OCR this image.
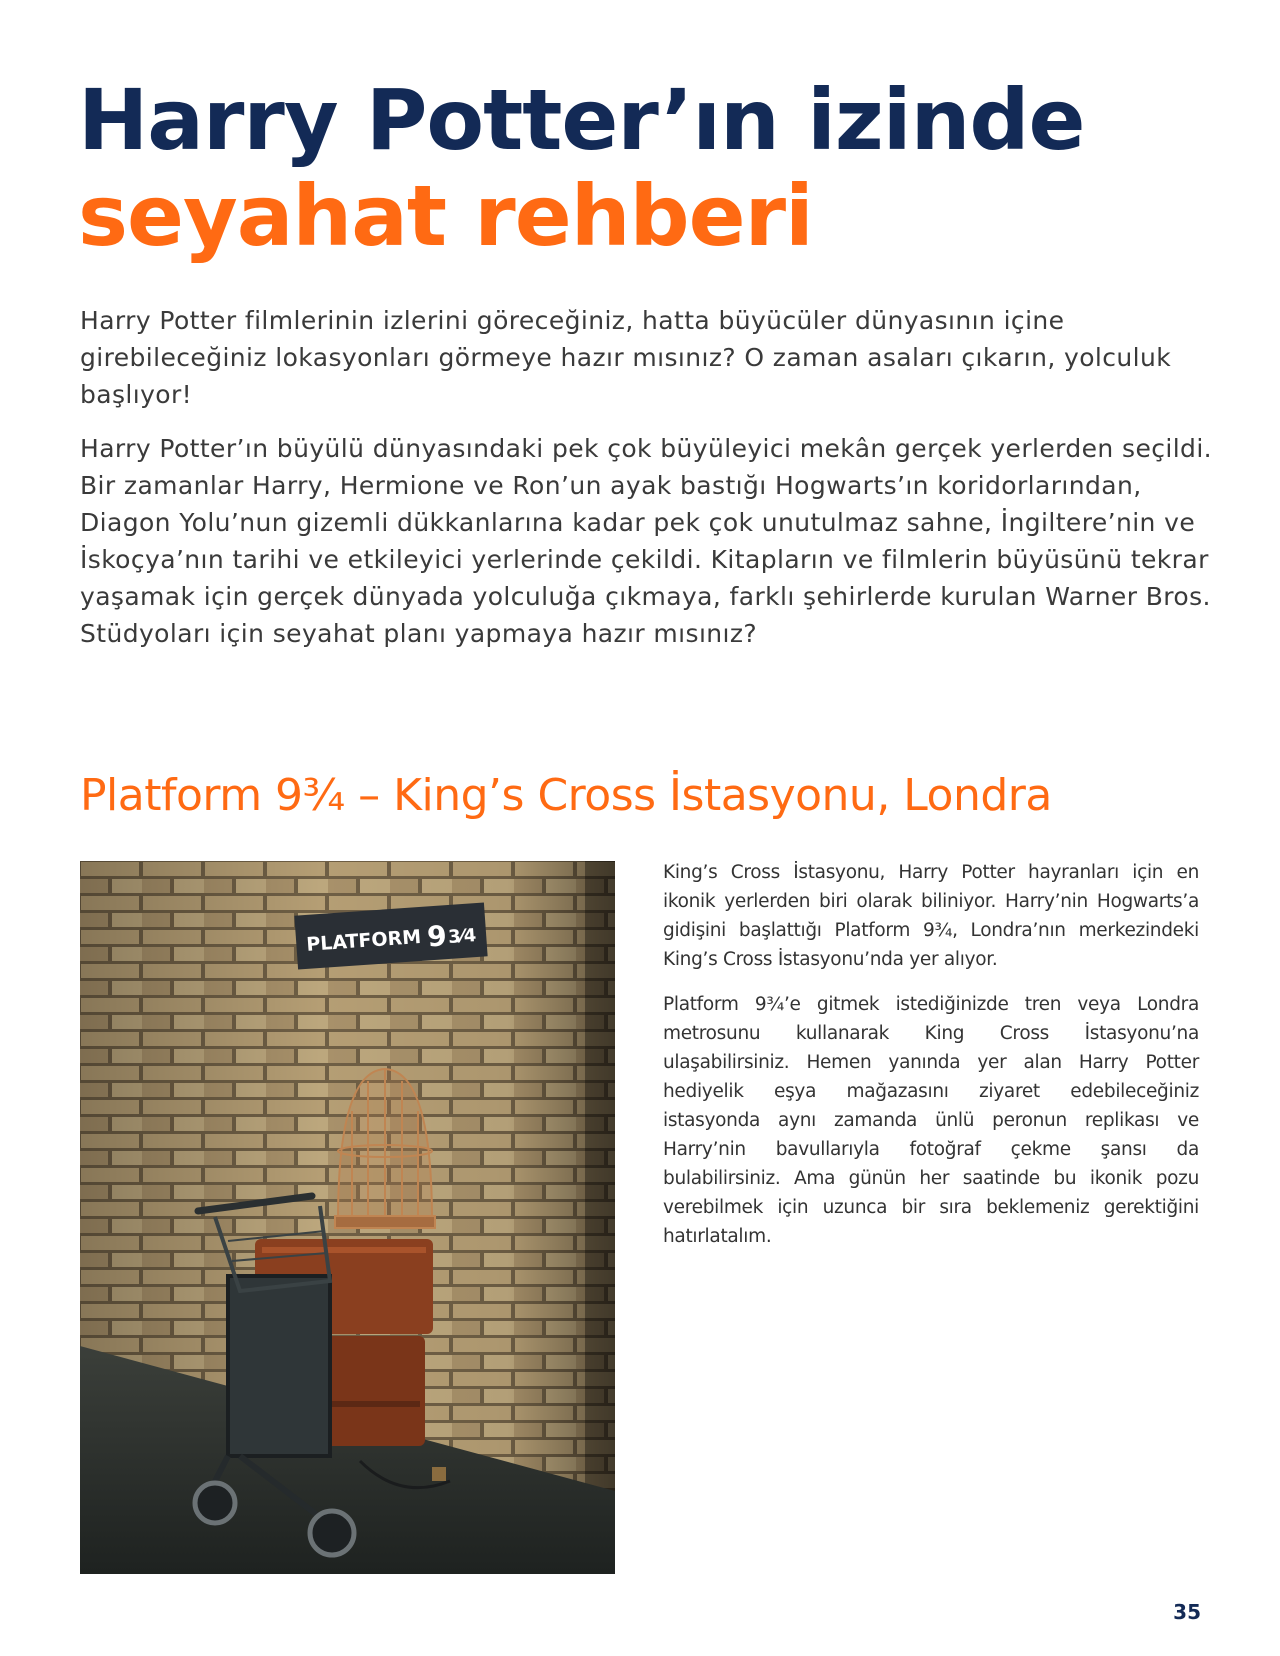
Harry Potter’ın izinde
seyahat rehberi

Harry Potter filmlerinin izlerini göreceğiniz, hatta büyücüler dünyasının içine girebileceğiniz lokasyonları görmeye hazır mısınız? O zaman asaları çıkarın, yolculuk başlıyor!

Harry Potter’ın büyülü dünyasındaki pek çok büyüleyici mekân gerçek yerlerden seçildi. Bir zamanlar Harry, Hermione ve Ron’un ayak bastığı Hogwarts’ın koridorlarından, Diagon Yolu’nun gizemli dükkanlarına kadar pek çok unutulmaz sahne, İngiltere’nin ve İskoçya’nın tarihi ve etkileyici yerlerinde çekildi. Kitapların ve filmlerin büyüsünü tekrar yaşamak için gerçek dünyada yolculuğa çıkmaya, farklı şehirlerde kurulan Warner Bros. Stüdyoları için seyahat planı yapmaya hazır mısınız?

Platform 9¾ – King’s Cross İstasyonu, Londra
PLATFORM 9 3⁄4

King’s Cross İstasyonu, Harry Potter hayranları için en ikonik yerlerden biri olarak biliniyor. Harry’nin Hogwarts’a gidişini başlattığı Platform 9¾, Londra’nın merkezindeki King’s Cross İstasyonu’nda yer alıyor.

Platform 9¾’e gitmek istediğinizde tren veya Londra metrosunu kullanarak King Cross İstasyonu’na ulaşabilirsiniz. Hemen yanında yer alan Harry Potter hediyelik eşya mağazasını ziyaret edebileceğiniz istasyonda aynı zamanda ünlü peronun replikası ve Harry’nin bavullarıyla fotoğraf çekme şansı da bulabilirsiniz. Ama günün her saatinde bu ikonik pozu verebilmek için uzunca bir sıra beklemeniz gerektiğini hatırlatalım.

35
